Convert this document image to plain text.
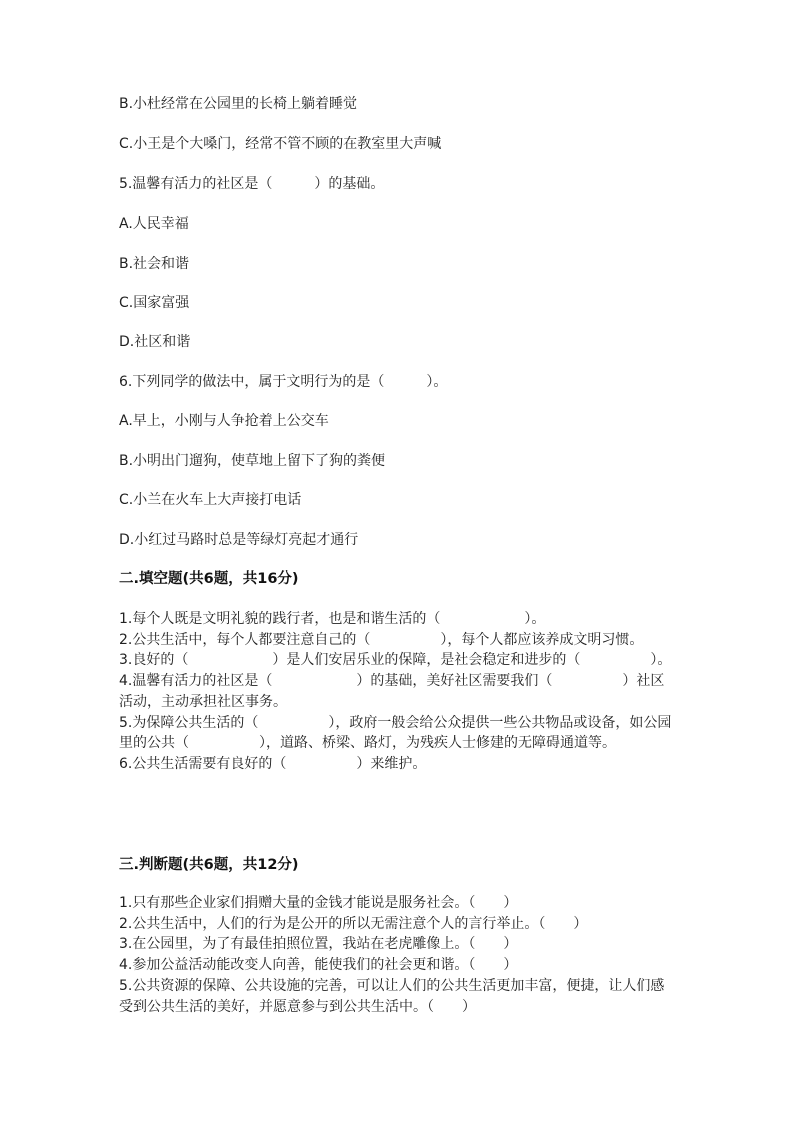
B.小杜经常在公园里的长椅上躺着睡觉
C.小王是个大嗓门，经常不管不顾的在教室里大声喊
5.温馨有活力的社区是（　　　）的基础。
A.人民幸福
B.社会和谐
C.国家富强
D.社区和谐
6.下列同学的做法中，属于文明行为的是（　　　）。
A.早上，小刚与人争抢着上公交车
B.小明出门遛狗，使草地上留下了狗的粪便
C.小兰在火车上大声接打电话
D.小红过马路时总是等绿灯亮起才通行
二.填空题(共6题，共16分)

1.每个人既是文明礼貌的践行者，也是和谐生活的（　　　　　　）。

2.公共生活中，每个人都要注意自己的（　　　　　），每个人都应该养成文明习惯。

3.良好的（　　　　　　）是人们安居乐业的保障，是社会稳定和进步的（　　　　　）。

4.温馨有活力的社区是（　　　　　　）的基础，美好社区需要我们（　　　　　）社区活动，主动承担社区事务。

5.为保障公共生活的（　　　　　），政府一般会给公众提供一些公共物品或设备，如公园里的公共（　　　　　），道路、桥梁、路灯，为残疾人士修建的无障碍通道等。

6.公共生活需要有良好的（　　　　　）来维护。

三.判断题(共6题，共12分)

1.只有那些企业家们捐赠大量的金钱才能说是服务社会。（　　）

2.公共生活中，人们的行为是公开的所以无需注意个人的言行举止。（　　）

3.在公园里，为了有最佳拍照位置，我站在老虎雕像上。（　　）

4.参加公益活动能改变人向善，能使我们的社会更和谐。（　　）

5.公共资源的保障、公共设施的完善，可以让人们的公共生活更加丰富，便捷，让人们感受到公共生活的美好，并愿意参与到公共生活中。（　　）
